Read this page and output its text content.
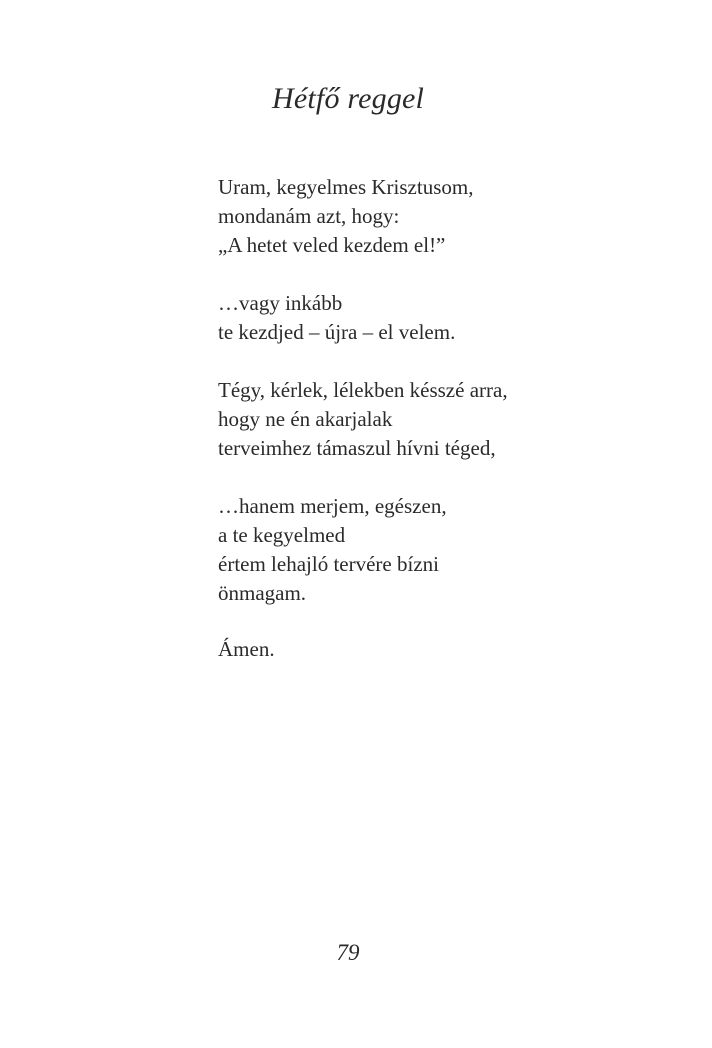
Hétfő reggel

Uram, kegyelmes Krisztusom,
mondanám azt, hogy:
„A hetet veled kezdem el!”

…vagy inkább
te kezdjed – újra – el velem.

Tégy, kérlek, lélekben késszé arra,
hogy ne én akarjalak
terveimhez támaszul hívni téged,

…hanem merjem, egészen,
a te kegyelmed
értem lehajló tervére bízni
önmagam.

Ámen.

79
